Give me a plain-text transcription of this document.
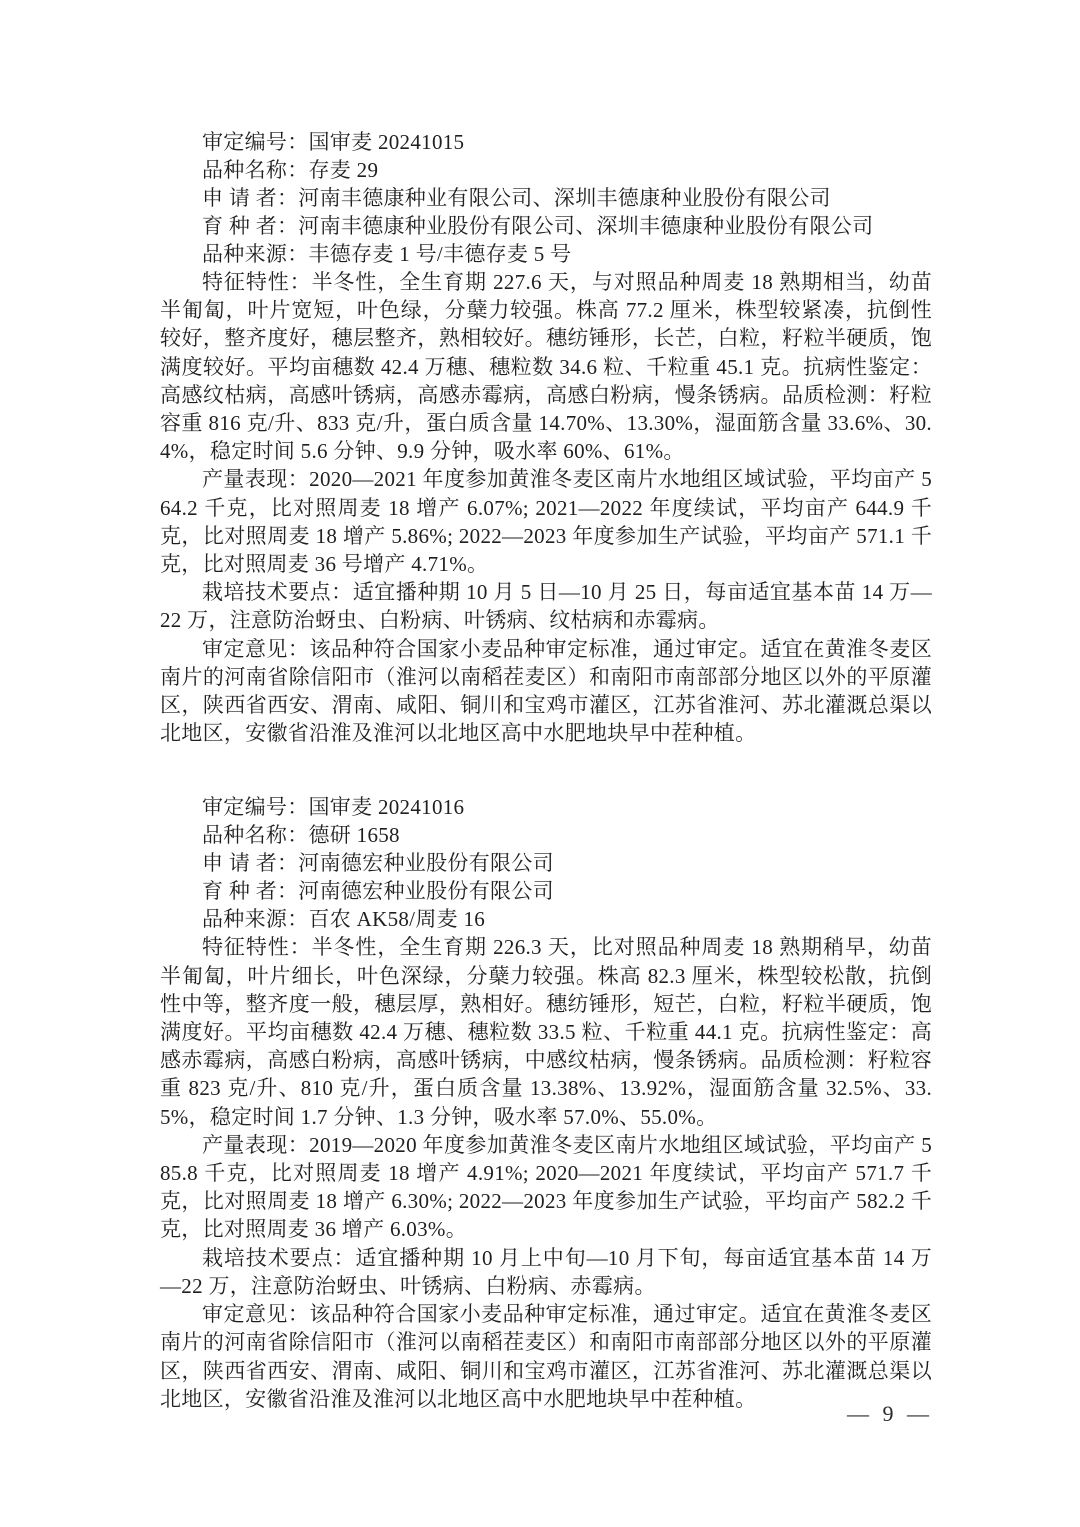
审定编号：国审麦 20241015
品种名称：存麦 29
申 请 者：河南丰德康种业有限公司、深圳丰德康种业股份有限公司
育 种 者：河南丰德康种业股份有限公司、深圳丰德康种业股份有限公司
品种来源：丰德存麦 1 号/丰德存麦 5 号

特征特性：半冬性，全生育期 227.6 天，与对照品种周麦 18 熟期相当，幼苗半匍匐，叶片宽短，叶色绿，分蘖力较强。株高 77.2 厘米，株型较紧凑，抗倒性较好，整齐度好，穗层整齐，熟相较好。穗纺锤形，长芒，白粒，籽粒半硬质，饱满度较好。平均亩穗数 42.4 万穗、穗粒数 34.6 粒、千粒重 45.1 克。抗病性鉴定：高感纹枯病，高感叶锈病，高感赤霉病，高感白粉病，慢条锈病。品质检测：籽粒容重 816 克/升、833 克/升，蛋白质含量 14.70%、13.30%，湿面筋含量 33.6%、30.4%，稳定时间 5.6 分钟、9.9 分钟，吸水率 60%、61%。

产量表现：2020—2021 年度参加黄淮冬麦区南片水地组区域试验，平均亩产 564.2 千克，比对照周麦 18 增产 6.07%; 2021—2022 年度续试，平均亩产 644.9 千克，比对照周麦 18 增产 5.86%; 2022—2023 年度参加生产试验，平均亩产 571.1 千克，比对照周麦 36 号增产 4.71%。

栽培技术要点：适宜播种期 10 月 5 日—10 月 25 日，每亩适宜基本苗 14 万—22 万，注意防治蚜虫、白粉病、叶锈病、纹枯病和赤霉病。

审定意见：该品种符合国家小麦品种审定标准，通过审定。适宜在黄淮冬麦区南片的河南省除信阳市（淮河以南稻茬麦区）和南阳市南部部分地区以外的平原灌区，陕西省西安、渭南、咸阳、铜川和宝鸡市灌区，江苏省淮河、苏北灌溉总渠以北地区，安徽省沿淮及淮河以北地区高中水肥地块早中茬种植。

审定编号：国审麦 20241016
品种名称：德研 1658
申 请 者：河南德宏种业股份有限公司
育 种 者：河南德宏种业股份有限公司
品种来源：百农 AK58/周麦 16

特征特性：半冬性，全生育期 226.3 天，比对照品种周麦 18 熟期稍早，幼苗半匍匐，叶片细长，叶色深绿，分蘖力较强。株高 82.3 厘米，株型较松散，抗倒性中等，整齐度一般，穗层厚，熟相好。穗纺锤形，短芒，白粒，籽粒半硬质，饱满度好。平均亩穗数 42.4 万穗、穗粒数 33.5 粒、千粒重 44.1 克。抗病性鉴定：高感赤霉病，高感白粉病，高感叶锈病，中感纹枯病，慢条锈病。品质检测：籽粒容重 823 克/升、810 克/升，蛋白质含量 13.38%、13.92%，湿面筋含量 32.5%、33.5%，稳定时间 1.7 分钟、1.3 分钟，吸水率 57.0%、55.0%。

产量表现：2019—2020 年度参加黄淮冬麦区南片水地组区域试验，平均亩产 585.8 千克，比对照周麦 18 增产 4.91%; 2020—2021 年度续试，平均亩产 571.7 千克，比对照周麦 18 增产 6.30%; 2022—2023 年度参加生产试验，平均亩产 582.2 千克，比对照周麦 36 增产 6.03%。

栽培技术要点：适宜播种期 10 月上中旬—10 月下旬，每亩适宜基本苗 14 万—22 万，注意防治蚜虫、叶锈病、白粉病、赤霉病。

审定意见：该品种符合国家小麦品种审定标准，通过审定。适宜在黄淮冬麦区南片的河南省除信阳市（淮河以南稻茬麦区）和南阳市南部部分地区以外的平原灌区，陕西省西安、渭南、咸阳、铜川和宝鸡市灌区，江苏省淮河、苏北灌溉总渠以北地区，安徽省沿淮及淮河以北地区高中水肥地块早中茬种植。

— 9 —
